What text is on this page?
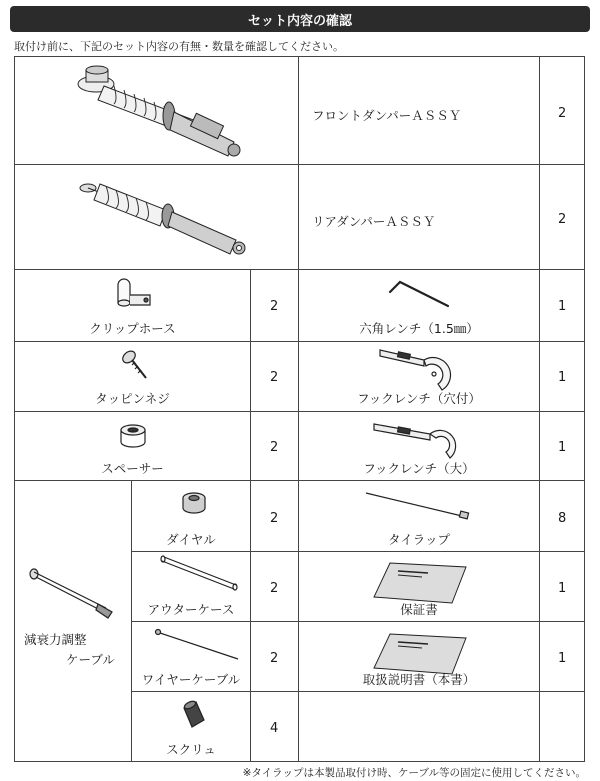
セット内容の確認
取付け前に、下記のセット内容の有無・数量を確認してください。
フロントダンパーＡＳＳＹ	2
リアダンパーＡＳＳＹ	2
クリップホース
2
六角レンチ（1.5㎜）
1
タッピンネジ
2
フックレンチ（穴付）
1
スペーサー
2
フックレンチ（大）
1
減衰力調整
ケーブル
ダイヤル
2
タイラップ
8
アウターケース
2
保証書
1
ワイヤーケーブル
2
取扱説明書（本書）
1
スクリュ
4
※タイラップは本製品取付け時、ケーブル等の固定に使用してください。
